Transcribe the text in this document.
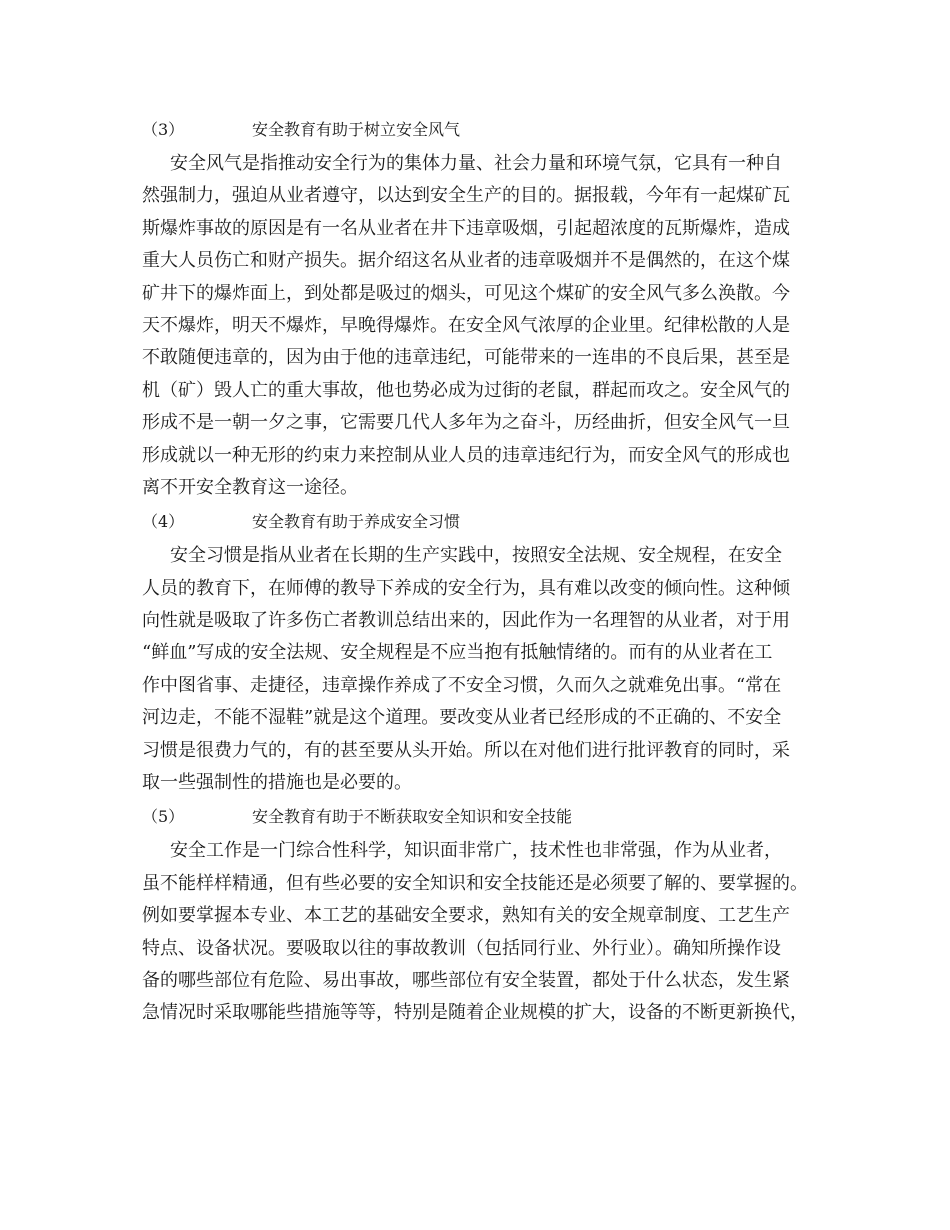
（3）	安全教育有助于树立安全风气
安全风气是指推动安全行为的集体力量、社会力量和环境气氛，它具有一种自
然强制力，强迫从业者遵守，以达到安全生产的目的。据报载，今年有一起煤矿瓦
斯爆炸事故的原因是有一名从业者在井下违章吸烟，引起超浓度的瓦斯爆炸，造成
重大人员伤亡和财产损失。据介绍这名从业者的违章吸烟并不是偶然的，在这个煤
矿井下的爆炸面上，到处都是吸过的烟头，可见这个煤矿的安全风气多么涣散。今
天不爆炸，明天不爆炸，早晚得爆炸。在安全风气浓厚的企业里。纪律松散的人是
不敢随便违章的，因为由于他的违章违纪，可能带来的一连串的不良后果，甚至是
机（矿）毁人亡的重大事故，他也势必成为过街的老鼠，群起而攻之。安全风气的
形成不是一朝一夕之事，它需要几代人多年为之奋斗，历经曲折，但安全风气一旦
形成就以一种无形的约束力来控制从业人员的违章违纪行为，而安全风气的形成也
离不开安全教育这一途径。
（4）	安全教育有助于养成安全习惯
安全习惯是指从业者在长期的生产实践中，按照安全法规、安全规程，在安全
人员的教育下，在师傅的教导下养成的安全行为，具有难以改变的倾向性。这种倾
向性就是吸取了许多伤亡者教训总结出来的，因此作为一名理智的从业者，对于用
“鲜血”写成的安全法规、安全规程是不应当抱有抵触情绪的。而有的从业者在工
作中图省事、走捷径，违章操作养成了不安全习惯，久而久之就难免出事。“常在
河边走，不能不湿鞋”就是这个道理。要改变从业者已经形成的不正确的、不安全
习惯是很费力气的，有的甚至要从头开始。所以在对他们进行批评教育的同时，采
取一些强制性的措施也是必要的。
（5）	安全教育有助于不断获取安全知识和安全技能
安全工作是一门综合性科学，知识面非常广，技术性也非常强，作为从业者，
虽不能样样精通，但有些必要的安全知识和安全技能还是必须要了解的、要掌握的。
例如要掌握本专业、本工艺的基础安全要求，熟知有关的安全规章制度、工艺生产
特点、设备状况。要吸取以往的事故教训（包括同行业、外行业）。确知所操作设
备的哪些部位有危险、易出事故，哪些部位有安全装置，都处于什么状态，发生紧
急情况时采取哪能些措施等等，特别是随着企业规模的扩大，设备的不断更新换代，
